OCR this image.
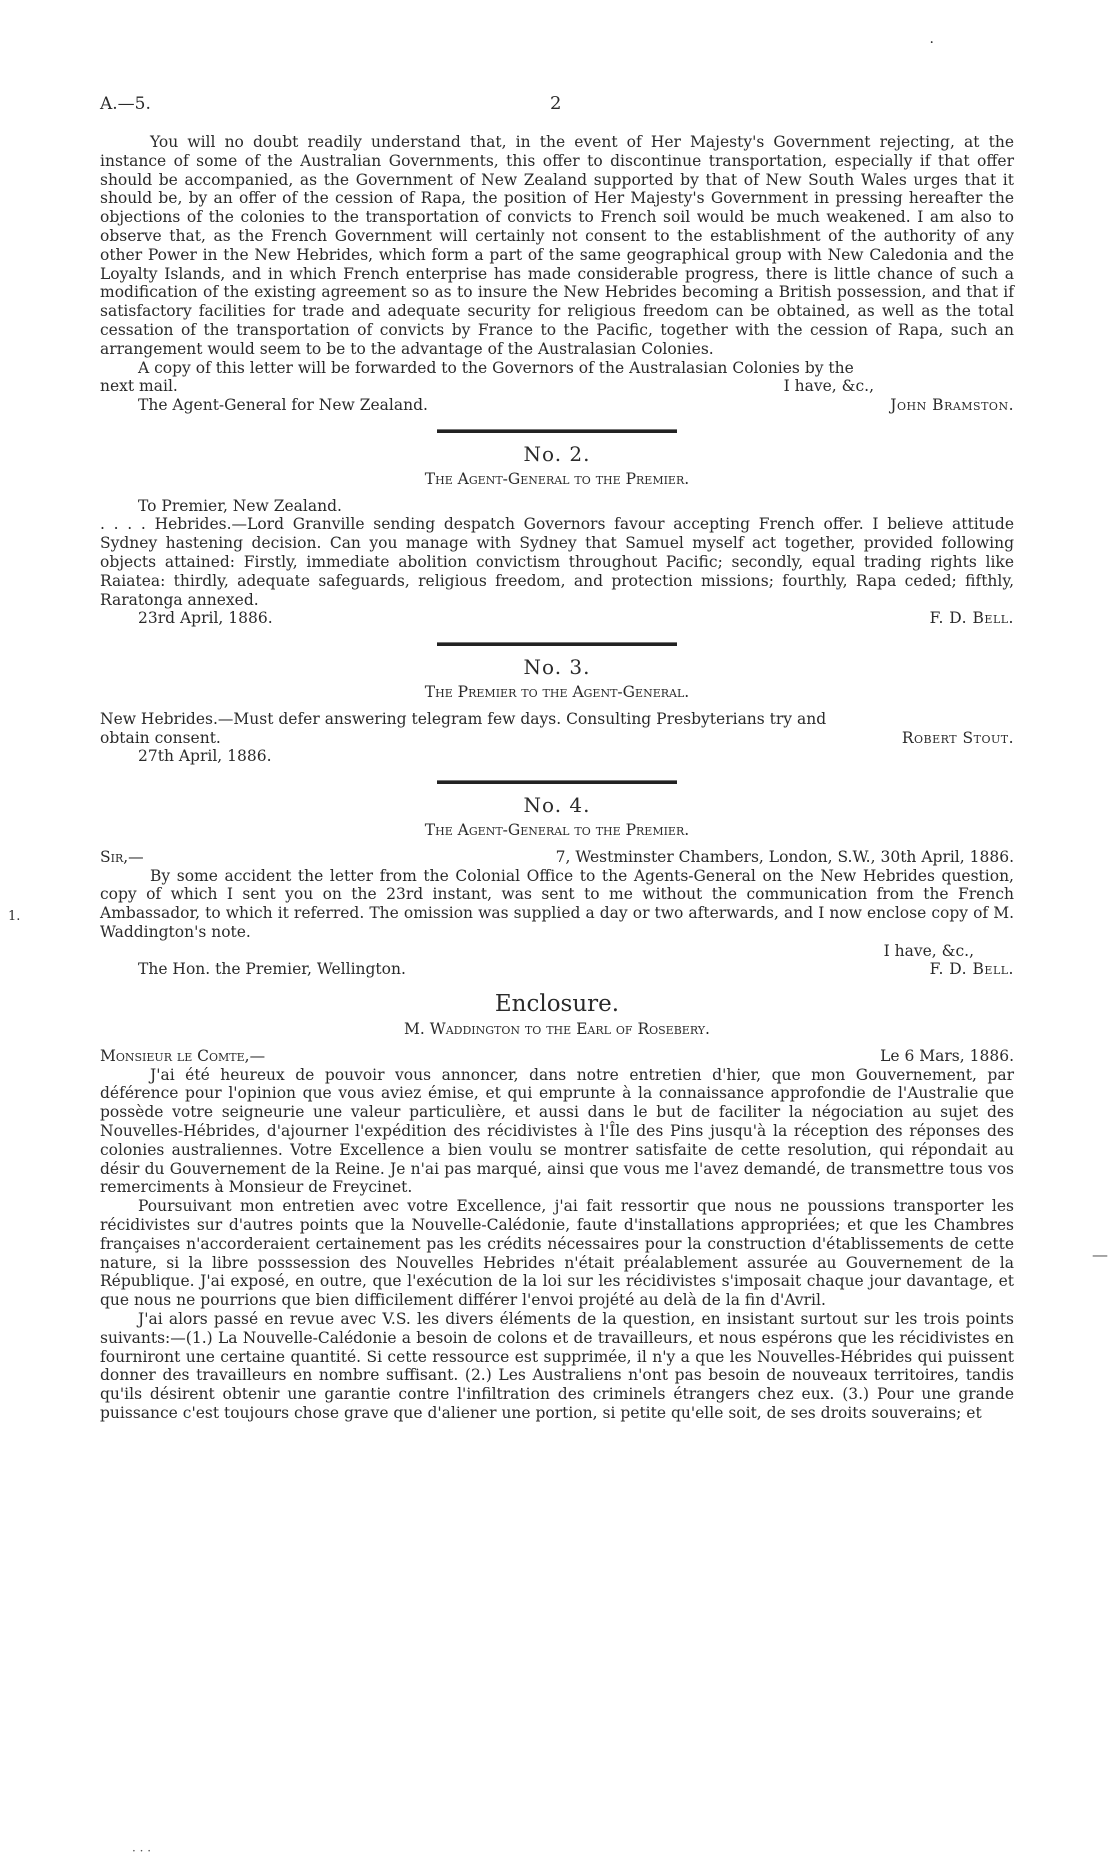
·
—
· · ·
A.—5.	2

You will no doubt readily understand that, in the event of Her Majesty's Government rejecting, at the instance of some of the Australian Governments, this offer to discontinue transportation, especially if that offer should be accompanied, as the Government of New Zealand supported by that of New South Wales urges that it should be, by an offer of the cession of Rapa, the position of Her Majesty's Government in pressing hereafter the objections of the colonies to the transportation of convicts to French soil would be much weakened. I am also to observe that, as the French Government will certainly not consent to the establishment of the authority of any other Power in the New Hebrides, which form a part of the same geographical group with New Caledonia and the Loyalty Islands, and in which French enterprise has made considerable progress, there is little chance of such a modification of the existing agreement so as to insure the New Hebrides becoming a British possession, and that if satisfactory facilities for trade and adequate security for religious freedom can be obtained, as well as the total cessation of the transportation of convicts by France to the Pacific, together with the cession of Rapa, such an arrangement would seem to be to the advantage of the Australasian Colonies.

A copy of this letter will be forwarded to the Governors of the Australasian Colonies by the

next mail.	I have, &c.,
The Agent-General for New Zealand.	John Bramston.
No. 2.
The Agent-General to the Premier.

To Premier, New Zealand.

. . . . Hebrides.—Lord Granville sending despatch Governors favour accepting French offer. I believe attitude Sydney hastening decision. Can you manage with Sydney that Samuel myself act together, provided following objects attained: Firstly, immediate abolition convictism throughout Pacific; secondly, equal trading rights like Raiatea: thirdly, adequate safeguards, religious freedom, and protection missions; fourthly, Rapa ceded; fifthly, Raratonga annexed.

23rd April, 1886.	F. D. Bell.
No. 3.
The Premier to the Agent-General.

New Hebrides.—Must defer answering telegram few days. Consulting Presbyterians try and

obtain consent.	Robert Stout.

27th April, 1886.

No. 4.
The Agent-General to the Premier.
Sir,—	7, Westminster Chambers, London, S.W., 30th April, 1886.
1.

By some accident the letter from the Colonial Office to the Agents-General on the New Hebrides question, copy of which I sent you on the 23rd instant, was sent to me without the communication from the French Ambassador, to which it referred. The omission was supplied a day or two afterwards, and I now enclose copy of M. Waddington's note.

I have, &c.,
The Hon. the Premier, Wellington.	F. D. Bell.
Enclosure.
M. Waddington to the Earl of Rosebery.
Monsieur le Comte,—	Le 6 Mars, 1886.

J'ai été heureux de pouvoir vous annoncer, dans notre entretien d'hier, que mon Gouvernement, par déférence pour l'opinion que vous aviez émise, et qui emprunte à la connaissance approfondie de l'Australie que possède votre seigneurie une valeur particulière, et aussi dans le but de faciliter la négociation au sujet des Nouvelles-Hébrides, d'ajourner l'expédition des récidivistes à l'Île des Pins jusqu'à la réception des réponses des colonies australiennes. Votre Excellence a bien voulu se montrer satisfaite de cette resolution, qui répondait au désir du Gouvernement de la Reine. Je n'ai pas marqué, ainsi que vous me l'avez demandé, de transmettre tous vos remerciments à Monsieur de Freycinet.

Poursuivant mon entretien avec votre Excellence, j'ai fait ressortir que nous ne poussions transporter les récidivistes sur d'autres points que la Nouvelle-Calédonie, faute d'installations appropriées; et que les Chambres françaises n'accorderaient certainement pas les crédits nécessaires pour la construction d'établissements de cette nature, si la libre posssession des Nouvelles Hebrides n'était préalablement assurée au Gouvernement de la République. J'ai exposé, en outre, que l'exécution de la loi sur les récidivistes s'imposait chaque jour davantage, et que nous ne pourrions que bien difficilement différer l'envoi projété au delà de la fin d'Avril.

J'ai alors passé en revue avec V.S. les divers éléments de la question, en insistant surtout sur les trois points suivants:—(1.) La Nouvelle-Calédonie a besoin de colons et de travailleurs, et nous espérons que les récidivistes en fourniront une certaine quantité. Si cette ressource est supprimée, il n'y a que les Nouvelles-Hébrides qui puissent donner des travailleurs en nombre suffisant. (2.) Les Australiens n'ont pas besoin de nouveaux territoires, tandis qu'ils désirent obtenir une garantie contre l'infiltration des criminels étrangers chez eux. (3.) Pour une grande puissance c'est toujours chose grave que d'aliener une portion, si petite qu'elle soit, de ses droits souverains; et
